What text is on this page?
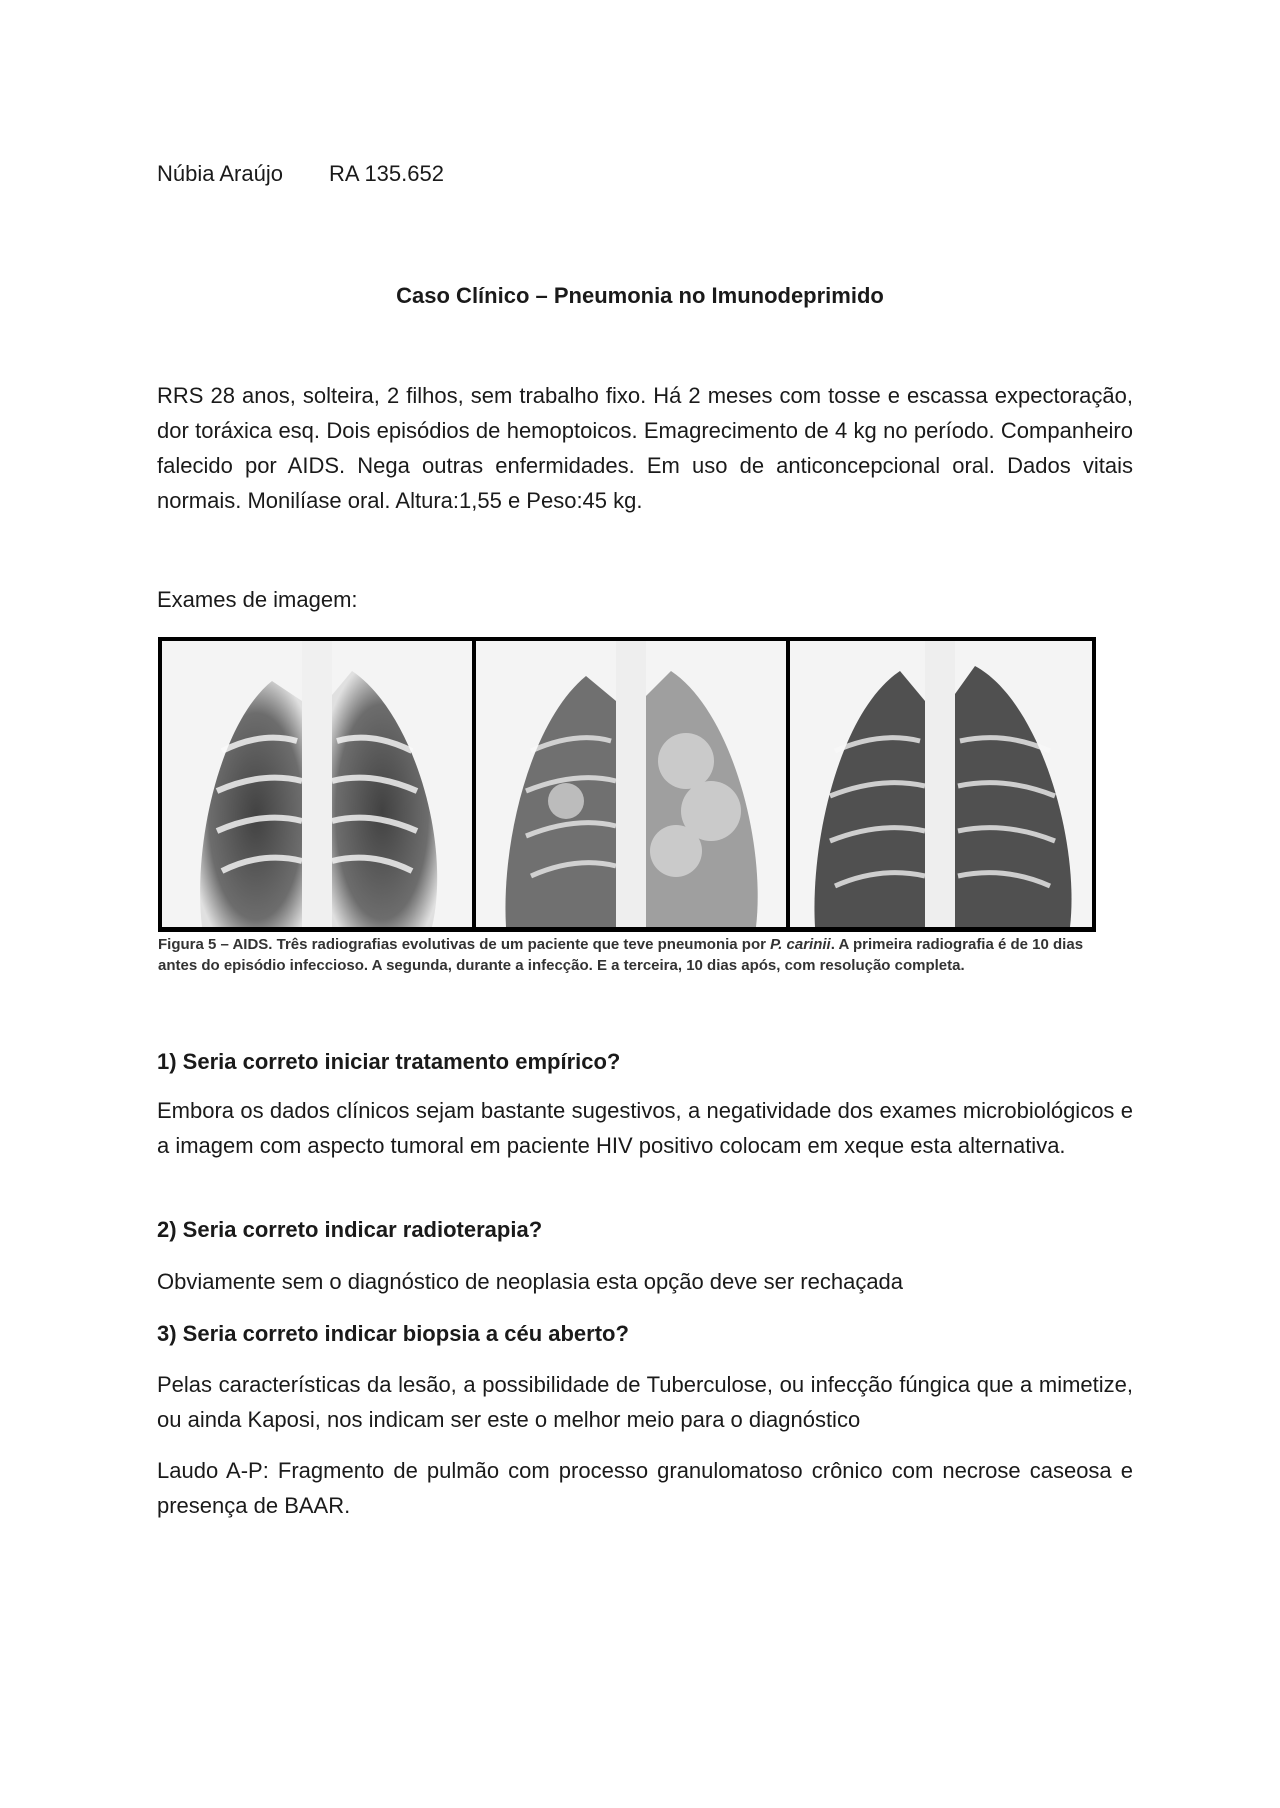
Núbia Araújo RA 135.652
Caso Clínico – Pneumonia no Imunodeprimido
RRS 28 anos, solteira, 2 filhos, sem trabalho fixo. Há 2 meses com tosse e escassa expectoração, dor toráxica esq. Dois episódios de hemoptoicos. Emagrecimento de 4 kg no período. Companheiro falecido por AIDS. Nega outras enfermidades. Em uso de anticoncepcional oral. Dados vitais normais. Monilíase oral. Altura:1,55 e Peso:45 kg.
Exames de imagem:
Figura 5 – AIDS. Três radiografias evolutivas de um paciente que teve pneumonia por P. carinii. A primeira radiografia é de 10 dias antes do episódio infeccioso. A segunda, durante a infecção. E a terceira, 10 dias após, com resolução completa.
1) Seria correto iniciar tratamento empírico?
Embora os dados clínicos sejam bastante sugestivos, a negatividade dos exames microbiológicos e a imagem com aspecto tumoral em paciente HIV positivo colocam em xeque esta alternativa.
2) Seria correto indicar radioterapia?
Obviamente sem o diagnóstico de neoplasia esta opção deve ser rechaçada
3) Seria correto indicar biopsia a céu aberto?
Pelas características da lesão, a possibilidade de Tuberculose, ou infecção fúngica que a mimetize, ou ainda Kaposi, nos indicam ser este o melhor meio para o diagnóstico
Laudo A-P: Fragmento de pulmão com processo granulomatoso crônico com necrose caseosa e presença de BAAR.
